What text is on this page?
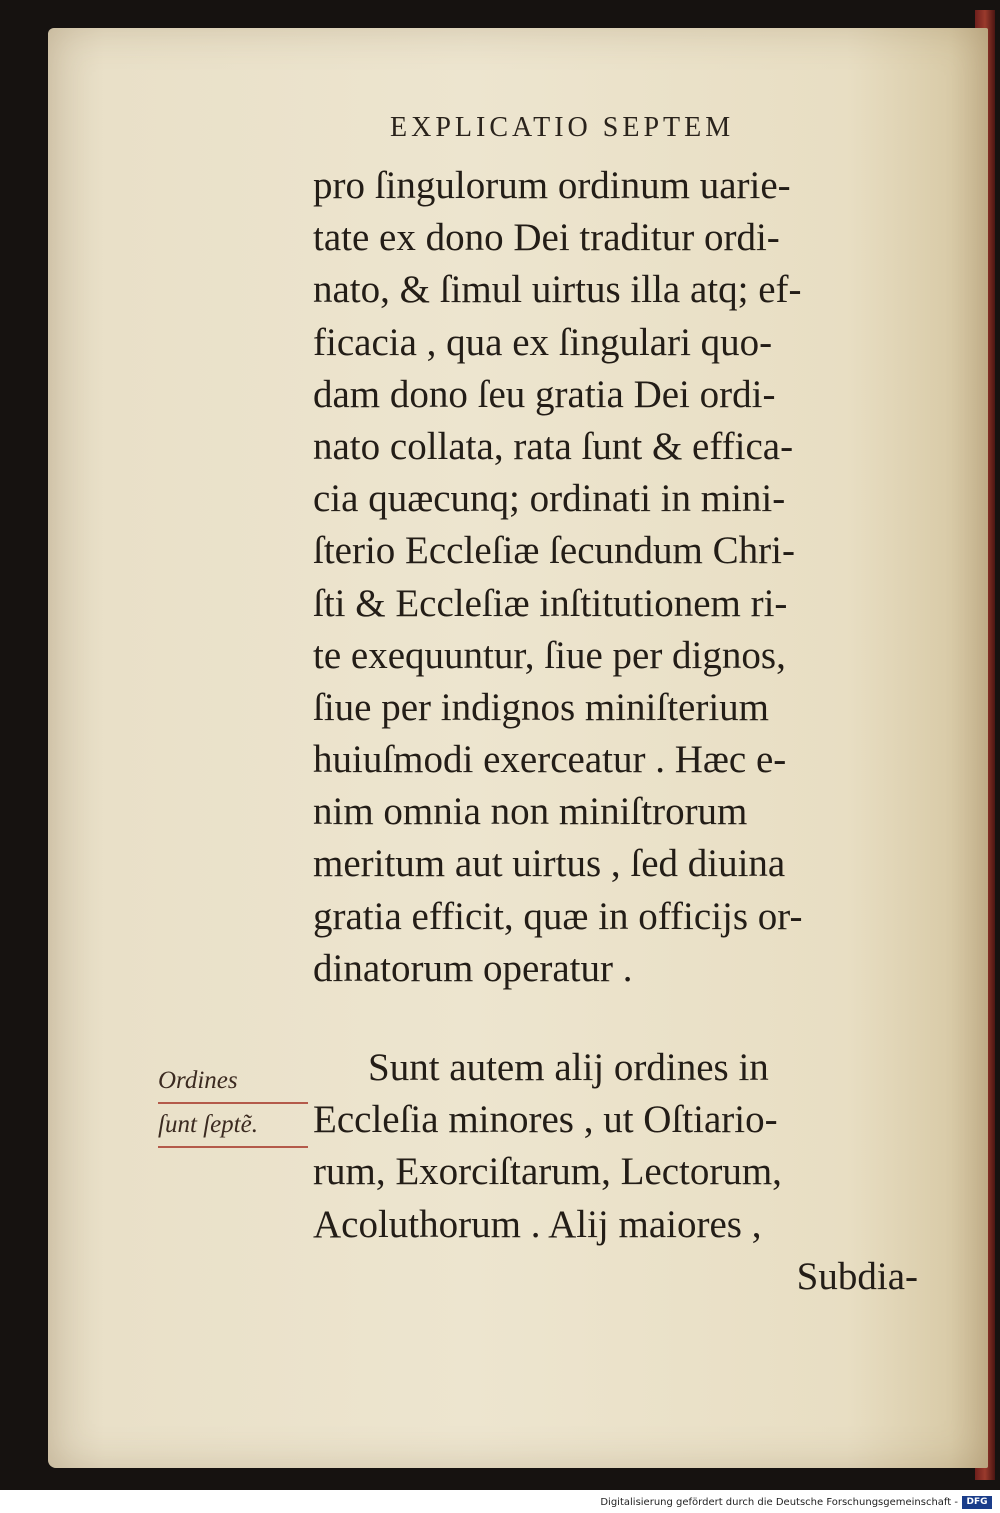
EXPLICATIO SEPTEM
pro ſingulorum ordinum uarie-
tate ex dono Dei traditur ordi-
nato, & ſimul uirtus illa atq; ef-
ficacia , qua ex ſingulari quo-
dam dono ſeu gratia Dei ordi-
nato collata, rata ſunt & effica-
cia quæcunq; ordinati in mini-
ſterio Eccleſiæ ſecundum Chri-
ſti & Eccleſiæ inſtitutionem ri-
te exequuntur, ſiue per dignos,
ſiue per indignos miniſterium
huiuſmodi exerceatur . Hæc e-
nim omnia non miniſtrorum
meritum aut uirtus , ſed diuina
gratia efficit, quæ in officijs or-
dinatorum operatur .
Sunt autem alij ordines in
Eccleſia minores , ut Oſtiario-
rum, Exorciſtarum, Lectorum,
Acoluthorum . Alij maiores ,
Subdia-
Ordines
ſunt ſeptẽ.
Digitalisierung gefördert durch die Deutsche Forschungsgemeinschaft - DFG
